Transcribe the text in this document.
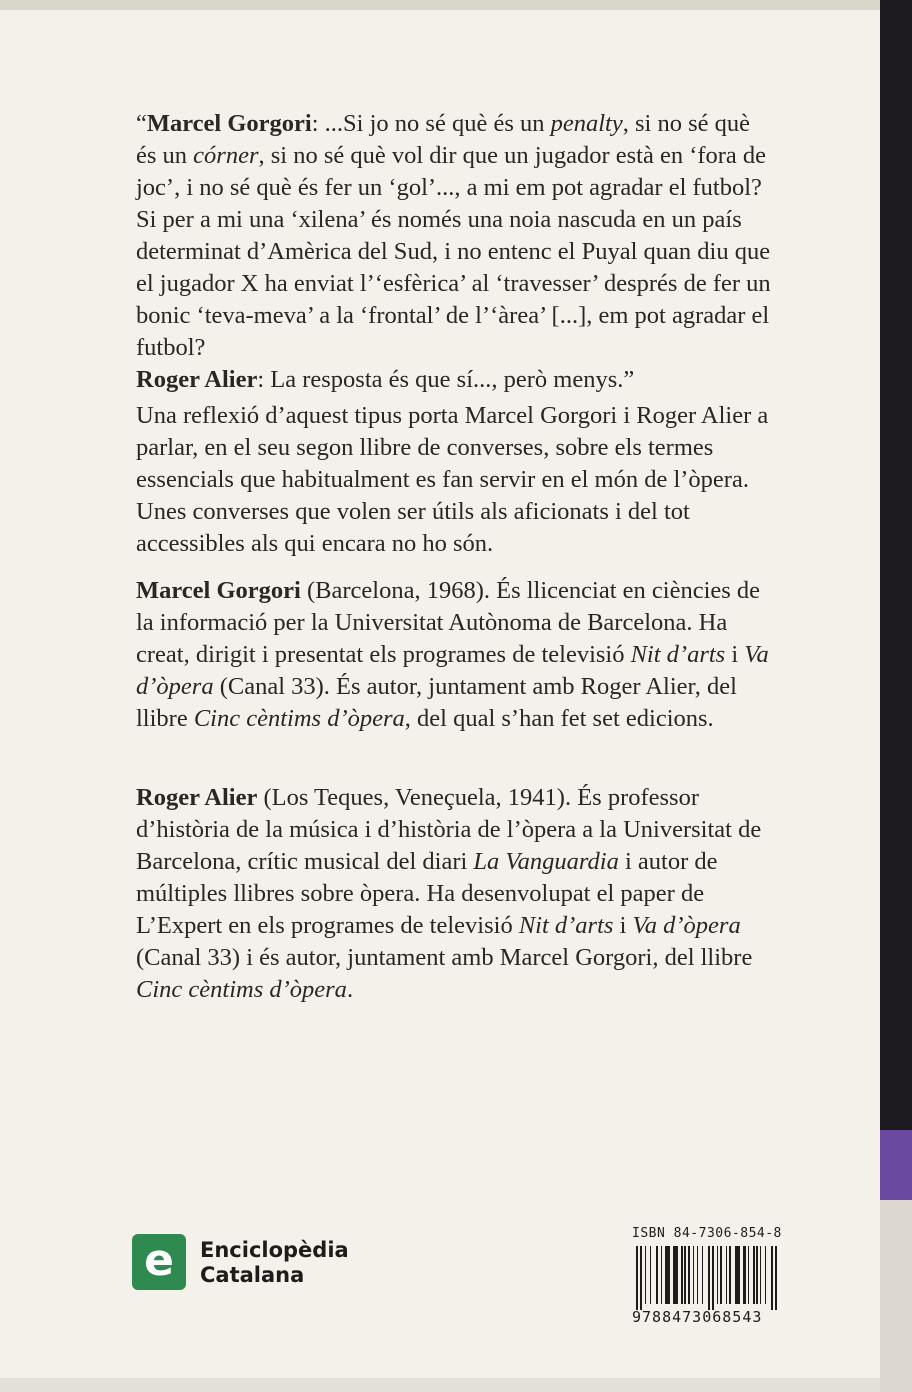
“Marcel Gorgori: ...Si jo no sé què és un penalty, si no sé què és un córner, si no sé què vol dir que un jugador està en ‘fora de joc’, i no sé què és fer un ‘gol’..., a mi em pot agradar el futbol? Si per a mi una ‘xilena’ és només una noia nascuda en un país determinat d’Amèrica del Sud, i no entenc el Puyal quan diu que el jugador X ha enviat l’‘esfèrica’ al ‘travesser’ després de fer un bonic ‘teva-meva’ a la ‘frontal’ de l’‘àrea’ [...], em pot agradar el futbol?
Roger Alier: La resposta és que sí..., però menys.”

Una reflexió d’aquest tipus porta Marcel Gorgori i Roger Alier a parlar, en el seu segon llibre de converses, sobre els termes essencials que habitualment es fan servir en el món de l’òpera. Unes converses que volen ser útils als aficionats i del tot accessibles als qui encara no ho són.

Marcel Gorgori (Barcelona, 1968). És llicenciat en ciències de la informació per la Universitat Autònoma de Barcelona. Ha creat, dirigit i presentat els programes de televisió Nit d’arts i Va d’òpera (Canal 33). És autor, juntament amb Roger Alier, del llibre Cinc cèntims d’òpera, del qual s’han fet set edicions.

Roger Alier (Los Teques, Veneçuela, 1941). És professor d’història de la música i d’història de l’òpera a la Universitat de Barcelona, crític musical del diari La Vanguardia i autor de múltiples llibres sobre òpera. Ha desenvolupat el paper de L’Expert en els programes de televisió Nit d’arts i Va d’òpera (Canal 33) i és autor, juntament amb Marcel Gorgori, del llibre Cinc cèntims d’òpera.

e	Enciclopèdia
Catalana
ISBN 84-7306-854-8
9788473068543
